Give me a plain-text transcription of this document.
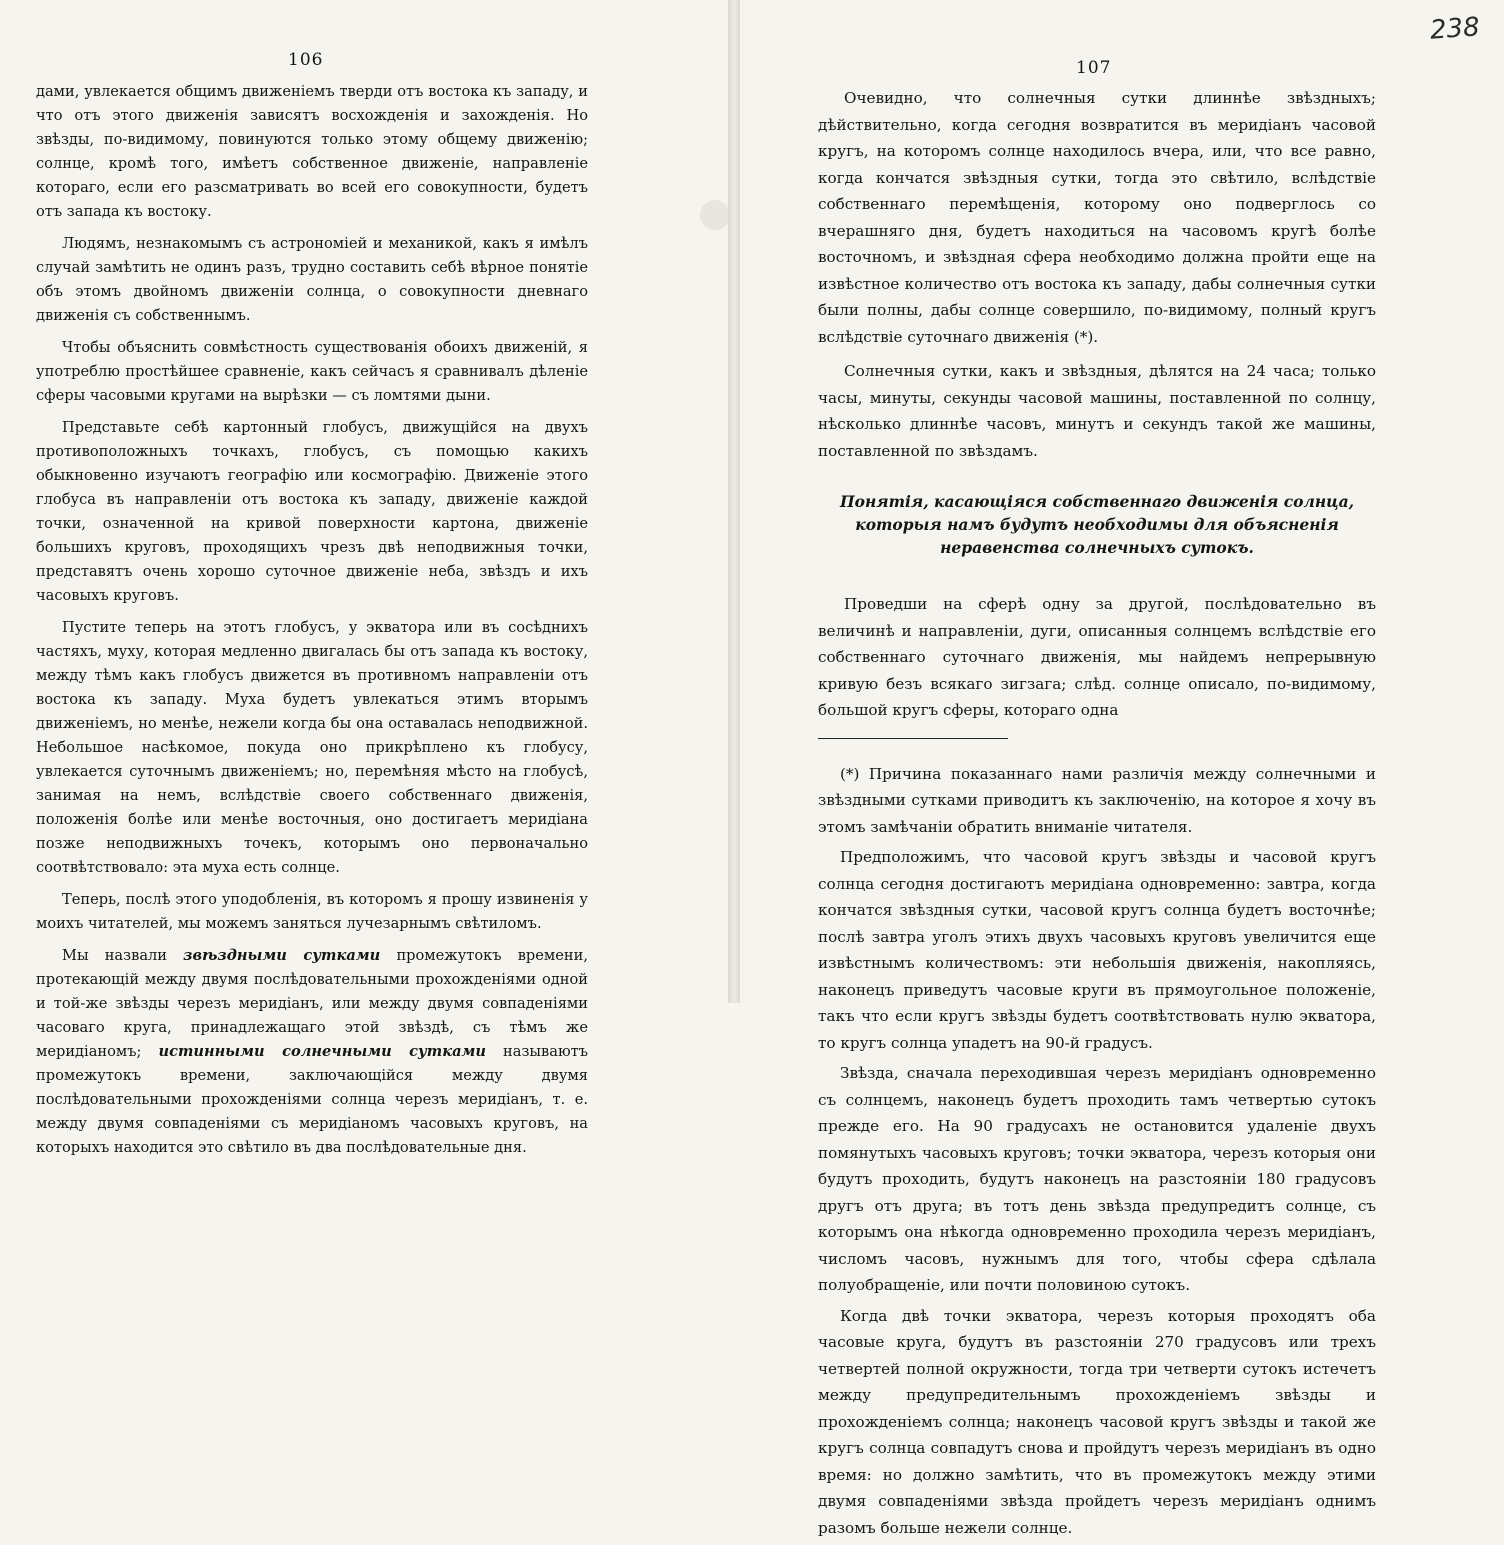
106

дами, увлекается общимъ движенiемъ тверди отъ востока къ западу, и что отъ этого движенiя зависятъ восхожденiя и захожденiя. Но звѣзды, по-видимому, повинуются только этому общему движенiю; солнце, кромѣ того, имѣетъ собственное движенiе, направленiе котораго, если его разсматривать во всей его совокупности, будетъ отъ запада къ востоку.

Людямъ, незнакомымъ съ астрономiей и механикой, какъ я имѣлъ случай замѣтить не одинъ разъ, трудно составить себѣ вѣрное понятiе объ этомъ двойномъ движенiи солнца, о совокупности дневнаго движенiя съ собственнымъ.

Чтобы объяснить совмѣстность существованiя обоихъ движенiй, я употреблю простѣйшее сравненiе, какъ сейчасъ я сравнивалъ дѣленiе сферы часовыми кругами на вырѣзки — съ ломтями дыни.

Представьте себѣ картонный глобусъ, движущiйся на двухъ противоположныхъ точкахъ, глобусъ, съ помощью какихъ обыкновенно изучаютъ географiю или космографiю. Движенiе этого глобуса въ направленiи отъ востока къ западу, движенiе каждой точки, означенной на кривой поверхности картона, движенiе большихъ круговъ, проходящихъ чрезъ двѣ неподвижныя точки, представятъ очень хорошо суточное движенiе неба, звѣздъ и ихъ часовыхъ круговъ.

Пустите теперь на этотъ глобусъ, у экватора или въ сосѣднихъ частяхъ, муху, которая медленно двигалась бы отъ запада къ востоку, между тѣмъ какъ глобусъ движется въ противномъ направленiи отъ востока къ западу. Муха будетъ увлекаться этимъ вторымъ движенiемъ, но менѣе, нежели когда бы она оставалась неподвижной. Небольшое насѣкомое, покуда оно прикрѣплено къ глобусу, увлекается суточнымъ движенiемъ; но, перемѣняя мѣсто на глобусѣ, занимая на немъ, вслѣдствiе своего собственнаго движенiя, положенiя болѣе или менѣе восточныя, оно достигаетъ меридiана позже неподвижныхъ точекъ, которымъ оно первоначально соотвѣтствовало: эта муха есть солнце.

Теперь, послѣ этого уподобленiя, въ которомъ я прошу извиненiя у моихъ читателей, мы можемъ заняться лучезарнымъ свѣтиломъ.

Мы назвали звѣздными сутками промежутокъ времени, протекающiй между двумя послѣдовательными прохожденiями одной и той-же звѣзды черезъ меридiанъ, или между двумя совпаденiями часоваго круга, принадлежащаго этой звѣздѣ, съ тѣмъ же меридiаномъ; истинными солнечными сутками называютъ промежутокъ времени, заключающiйся между двумя послѣдовательными прохожденiями солнца черезъ меридiанъ, т. е. между двумя совпаденiями съ меридiаномъ часовыхъ круговъ, на которыхъ находится это свѣтило въ два послѣдовательные дня.

107

Очевидно, что солнечныя сутки длиннѣе звѣздныхъ; дѣйствительно, когда сегодня возвратится въ меридiанъ часовой кругъ, на которомъ солнце находилось вчера, или, что все равно, когда кончатся звѣздныя сутки, тогда это свѣтило, вслѣдствiе собственнаго перемѣщенiя, которому оно подверглось со вчерашняго дня, будетъ находиться на часовомъ кругѣ болѣе восточномъ, и звѣздная сфера необходимо должна пройти еще на извѣстное количество отъ востока къ западу, дабы солнечныя сутки были полны, дабы солнце совершило, по-видимому, полный кругъ вслѣдствiе суточнаго движенiя (*).

Солнечныя сутки, какъ и звѣздныя, дѣлятся на 24 часа; только часы, минуты, секунды часовой машины, поставленной по солнцу, нѣсколько длиннѣе часовъ, минутъ и секундъ такой же машины, поставленной по звѣздамъ.

Понятiя, касающiяся собственнаго движенiя солнца, которыя намъ будутъ необходимы для объясненiя неравенства солнечныхъ сутокъ.

Проведши на сферѣ одну за другой, послѣдовательно въ величинѣ и направленiи, дуги, описанныя солнцемъ вслѣдствiе его собственнаго суточнаго движенiя, мы найдемъ непрерывную кривую безъ всякаго зигзага; слѣд. солнце описало, по-видимому, большой кругъ сферы, котораго одна

(*) Причина показаннаго нами различiя между солнечными и звѣздными сутками приводитъ къ заключенiю, на которое я хочу въ этомъ замѣчанiи обратить вниманiе читателя.

Предположимъ, что часовой кругъ звѣзды и часовой кругъ солнца сегодня достигаютъ меридiана одновременно: завтра, когда кончатся звѣздныя сутки, часовой кругъ солнца будетъ восточнѣе; послѣ завтра уголъ этихъ двухъ часовыхъ круговъ увеличится еще извѣстнымъ количествомъ: эти небольшiя движенiя, накопляясь, наконецъ приведутъ часовые круги въ прямоугольное положенiе, такъ что если кругъ звѣзды будетъ соотвѣтствовать нулю экватора, то кругъ солнца упадетъ на 90-й градусъ.

Звѣзда, сначала переходившая черезъ меридiанъ одновременно съ солнцемъ, наконецъ будетъ проходить тамъ четвертью сутокъ прежде его. На 90 градусахъ не остановится удаленiе двухъ помянутыхъ часовыхъ круговъ; точки экватора, черезъ которыя они будутъ проходить, будутъ наконецъ на разстоянiи 180 градусовъ другъ отъ друга; въ тотъ день звѣзда предупредитъ солнце, съ которымъ она нѣкогда одновременно проходила черезъ меридiанъ, числомъ часовъ, нужнымъ для того, чтобы сфера сдѣлала полуобращенiе, или почти половиною сутокъ.

Когда двѣ точки экватора, черезъ которыя проходятъ оба часовые круга, будутъ въ разстоянiи 270 градусовъ или трехъ четвертей полной окружности, тогда три четверти сутокъ истечетъ между предупредительнымъ прохожденiемъ звѣзды и прохожденiемъ солнца; наконецъ часовой кругъ звѣзды и такой же кругъ солнца совпадутъ снова и пройдутъ черезъ меридiанъ въ одно время: но должно замѣтить, что въ промежутокъ между этими двумя совпаденiями звѣзда пройдетъ черезъ меридiанъ однимъ разомъ больше нежели солнце.

238
